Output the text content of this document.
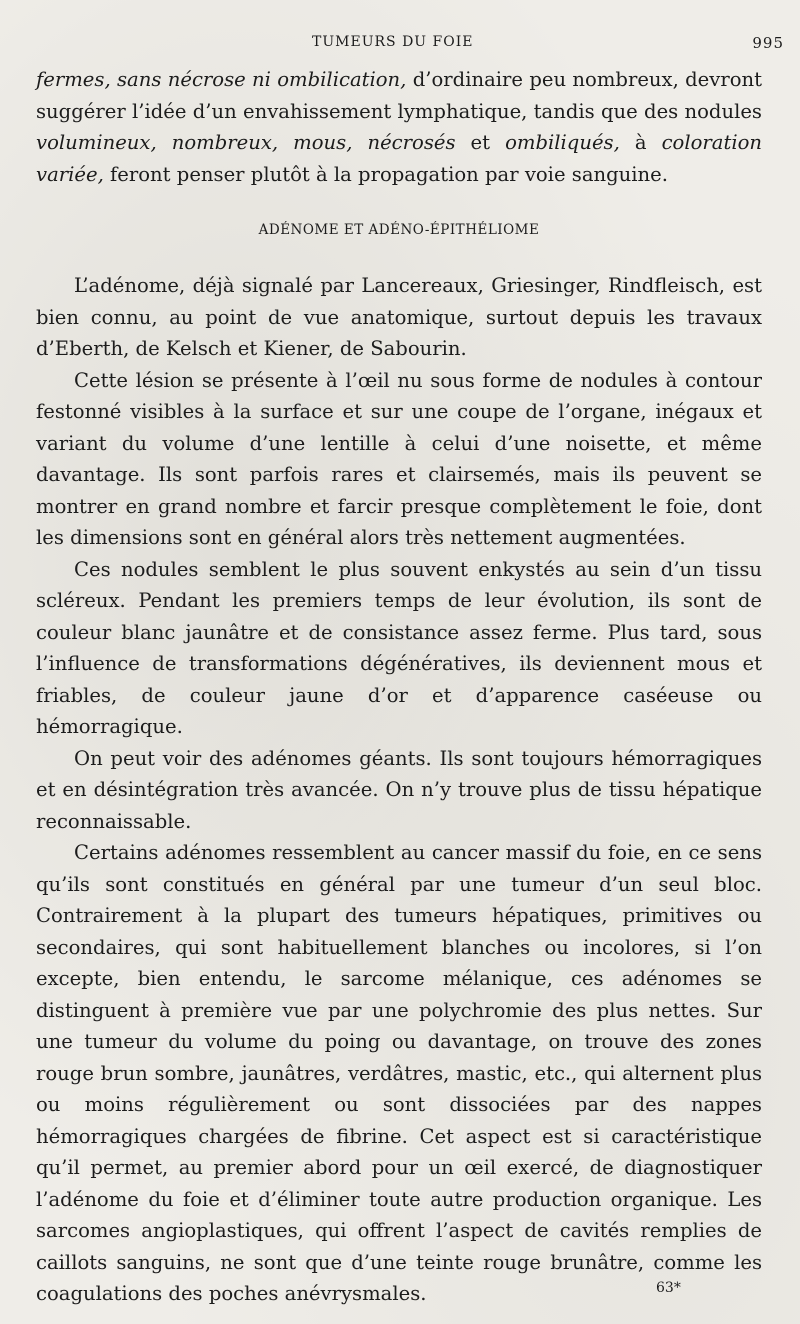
TUMEURS DU FOIE	995

fermes, sans nécrose ni ombilication, d’ordinaire peu nombreux, devront suggérer l’idée d’un envahissement lymphatique, tandis que des nodules volumineux, nombreux, mous, nécrosés et ombiliqués, à coloration variée, feront penser plutôt à la propagation par voie sanguine.

ADÉNOME ET ADÉNO-ÉPITHÉLIOME

L’adénome, déjà signalé par Lancereaux, Griesinger, Rindfleisch, est bien connu, au point de vue anatomique, surtout depuis les travaux d’Eberth, de Kelsch et Kiener, de Sabourin.

Cette lésion se présente à l’œil nu sous forme de nodules à contour festonné visibles à la surface et sur une coupe de l’organe, inégaux et variant du volume d’une lentille à celui d’une noisette, et même davantage. Ils sont parfois rares et clairsemés, mais ils peuvent se montrer en grand nombre et farcir presque complètement le foie, dont les dimensions sont en général alors très nettement augmentées.

Ces nodules semblent le plus souvent enkystés au sein d’un tissu scléreux. Pendant les premiers temps de leur évolution, ils sont de couleur blanc jaunâtre et de consistance assez ferme. Plus tard, sous l’influence de transformations dégénératives, ils deviennent mous et friables, de couleur jaune d’or et d’apparence caséeuse ou hémorragique.

On peut voir des adénomes géants. Ils sont toujours hémorragiques et en désintégration très avancée. On n’y trouve plus de tissu hépatique reconnaissable.

Certains adénomes ressemblent au cancer massif du foie, en ce sens qu’ils sont constitués en général par une tumeur d’un seul bloc. Contrairement à la plupart des tumeurs hépatiques, primitives ou secondaires, qui sont habituellement blanches ou incolores, si l’on excepte, bien entendu, le sarcome mélanique, ces adénomes se distinguent à première vue par une polychromie des plus nettes. Sur une tumeur du volume du poing ou davantage, on trouve des zones rouge brun sombre, jaunâtres, verdâtres, mastic, etc., qui alternent plus ou moins régulièrement ou sont dissociées par des nappes hémorragiques chargées de fibrine. Cet aspect est si caractéristique qu’il permet, au premier abord pour un œil exercé, de diagnostiquer l’adénome du foie et d’éliminer toute autre production organique. Les sarcomes angioplastiques, qui offrent l’aspect de cavités remplies de caillots sanguins, ne sont que d’une teinte rouge brunâtre, comme les coagulations des poches anévrysmales.	63*
